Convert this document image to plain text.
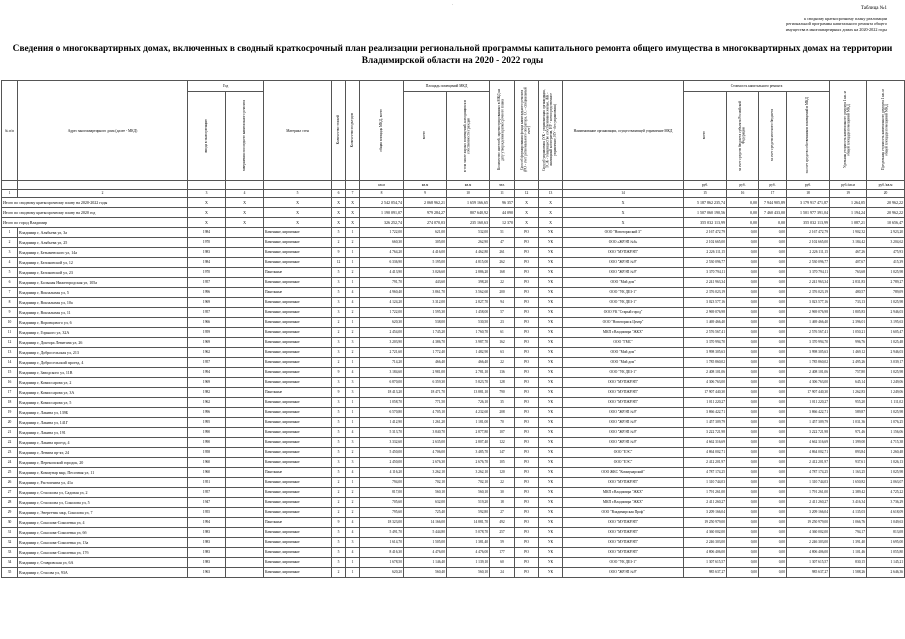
·
Таблица №1
к сводному краткосрочному плану реализации
региональной программы капитального ремонта общего
имущества в многоквартирных домах на 2020-2022 годы
Сведения о многоквартирных домах, включенных в сводный краткосрочный план реализации региональной программы капитального ремонта общего имущества в многоквартирных домах на территории
Владимирской области на 2020 - 2022 годы
№ п/п	Адрес многоквартирного дома (далее - МКД)	Год		Материал стен	Количество этажей	Количество подъездов	общая площадь МКД, всего	Площадь помещений МКД		Количество жителей, зарегистрированных в МКД на дату утверждения краткосрочного плана	Способ формирования фонда капитального ремонта (РО - счет регионального оператора, СС - специальный счет)	Способ управления (УК - управляющая организация, ТСЖ - товарищество собственников жилья, ЖК - жилищный кооператив, НУ - непосредственное управление, НУ - без управления)	Наименование организации, осуществляющей управление МКД	Стоимость капитального ремонта				Удельная стоимость капитального ремонта 1 кв. м общей площади помещений МКД	Предельная стоимость капитального ремонта 1 кв. м общей площади помещений МКД
		ввода в эксплуатацию	завершения последнего капитального ремонта					всего	в том числе жилых помещений, находящихся в собственности граждан					всего	за счет средств бюджета субъекта Российской Федерации	за счет средств местного бюджета	за счет средств собственников помещений в МКД		
							кв.м	кв.м	кв.м	чел.				руб.	руб.	руб.	руб.	руб./кв.м	руб./кв.м
1	2	3	4	5	6	7	8	9	10	11	12	13	14	15	16	17	18	19	20
Итого по сводному краткосрочному плану на 2020-2022 годы		X	X	X	X	X	2 542 054,74	2 068 962,21	1 659 166,65	96 357	X	X	X	5 187 862 235,74	0,00	7 944 905,89	3 179 917 471,87	1 264,05	20 962,22
Итого по сводному краткосрочному плану на 2020 год		X	X	X	X	X	1 190 091,07	979 284,27	807 640,92	44 090	X	X	X	1 507 060 190,56	0,00	7 460 433,00	1 501 977 391,04	1 194,24	20 962,22
Итого по город Владимир		X	X	X	X	X	326 252,74	274 070,03	235 160,63	12 370	X	X	X	355 032 113,99	0,00	0,00	355 032 113,99	1 087,21	10 656,47
1	Владимир г, Алябьева ул, 3а	1984		Каменные, кирпичные	5	1	1 722,00	621,00	532,00	51	РО	УК	ООО "Новоторжский 3"	2 167 472,79	0,00	0,00	2 167 472,79	1 902,32	2 923,20
2	Владимир г, Алябьева ул, 25	1970		Каменные, кирпичные	2	2	660,30	305,00	262,90	47	РО	УК	ООО «ЖРЭП №6»	2 102 665,00	0,00	0,00	2 102 665,00	3 184,42	3 204,62
3	Владимир г, Безыменского ул, 14а	1983		Каменные, кирпичные	9	1	4 764,20	4 416,00	4 462,80	261	РО	УК	ООО "МУПЖРЭП"	2 226 111,15	0,00	0,00	2 226 111,15	467,26	475,93
4	Владимир г, Белоконской ул, 12	1984		Каменные, кирпичные	12	1	6 336,90	5 195,00	4 815,00	262	РО	УК	ООО "ЖРЭП №9"	2 530 096,77	0,00	0,00	2 530 096,77	407,67	415,39
5	Владимир г, Белоконской ул, 23	1970		Панельные	5	2	4 413,90	3 026,60	2 886,20	168	РО	УК	ООО "ЖРЭП №9"	3 370 794,11	0,00	0,00	3 370 794,11	763,68	1 025,98
6	Владимир г, Большая Нижегородская ул, 105а	1957		Каменные, кирпичные	3	1	791,70	443,60	398,20	22	РО	УК	ООО "Мой дом"	2 241 963,34	0,00	0,00	2 241 963,34	2 831,83	2 789,27
7	Владимир г, Вокзальная ул, 5	1996		Панельные	5	4	4 960,40	3 861,70	3 562,60	200	РО	УК	ООО "УК ДЕЗ-1"	2 376 023,19	0,00	0,00	2 376 023,19	480,57	789,09
8	Владимир г, Вокзальная ул, 10а	1969		Каменные, кирпичные	3	4	4 124,20	3 312,00	2 827,70	94	РО	УК	ООО "УК ДЕЗ-1"	3 023 577,16	0,00	0,00	3 023 577,16	733,13	1 025,98
9	Владимир г, Вокзальная ул, 11	1957		Каменные, кирпичные	3	2	1 722,00	1 595,30	1 458,00	57	РО	УК	ООО УК "Старый город"	2 969 076,98	0,00	0,00	2 969 076,98	1 805,83	2 946,03
10	Владимир г, Воронцового ул, 6	1966		Каменные, кирпичные	2	1	620,30	538,00	530,50	23	РО	УК	ООО "Новоторжск Центр"	1 469 466,40	0,00	0,00	1 469 466,40	2 396,01	3 195,63
11	Владимир г, Горького ул, 32А	1959		Каменные, кирпичные	2	2	2 454,00	1 745,20	1 760,70	61	РО	УК	МКП г.Владимира "ЖКХ"	2 576 567,41	0,00	0,00	2 576 567,41	1 050,21	1 605,47
12	Владимир г, Доктора Левитана ул, 26	1969		Каменные, кирпичные	3	3	3 203,90	4 386,70	3 987,70	162	РО	УК	ООО "ГМС"	3 370 994,70	0,00	0,00	3 370 994,70	996,76	1 025,48
13	Владимир г, Добросельская ул, 213	1962		Каменные, кирпичные	3	2	2 721,60	1 772,40	1 482,90	63	РО	УК	ООО "Мой дом"	3 998 305,63	0,00	0,00	3 998 305,63	1 469,12	2 946,03
14	Владимир г, Добросельский проезд, 4	1957		Каменные, кирпичные	2	1	714,20	466,40	466,40	22	РО	УК	ООО "Мой дом"	1 785 860,02	0,00	0,00	1 785 860,02	2 495,26	3 039,17
15	Владимир г, Заводского ул, 11В	1994		Каменные, кирпичные	9	4	3 184,60	2 981,00	2 781,10	136	РО	УК	ООО "УК ДЕЗ-1"	2 408 101,06	0,00	0,00	2 408 101,06	757,80	1 025,98
16	Владимир г, Комиссарова ул, 2	1969		Каменные, кирпичные	3	3	6 870,00	6 359,30	5 823,70	128	РО	УК	ООО "МУПЖРЭП"	4 306 763,00	0,00	0,00	4 306 763,00	645,14	1 249,06
17	Владимир г, Комиссарова ул, 3А	1982		Панельные	9	3	18 413,20	18 471,70	13 881,10	790	РО	УК	ООО "МУПЖРЭП"	17 907 440,30	0,00	0,00	17 907 440,30	1 262,83	1 249,06
18	Владимир г, Комиссарова ул, 5	1962		Каменные, кирпичные	3	1	1 058,70	771,50	726,10	35	РО	УК	ООО "МУПЖРЭП"	1 011 220,27	0,00	0,00	1 011 220,27	955,20	1 111,02
19	Владимир г, Лакина ул, 139Б	1996		Каменные, кирпичные	5	1	6 570,80	4 705,10	4 232,60	208	РО	УК	ООО "ЖРЭП №9"	3 866 422,71	0,00	0,00	3 866 422,71	589,87	1 025,98
20	Владимир г, Лакина ул, 141Г	1995		Каменные, кирпичные	5	1	1 412,90	1 261,20	1 181,00	70	РО	УК	ООО "ЖРЭП №9"	1 457 309,79	0,00	0,00	1 457 309,79	1 031,36	1 076,25
21	Владимир г, Лакина ул, 191	1990		Каменные, кирпичные	5	4	5 313,70	3 840,70	2 877,80	107	РО	УК	ООО "ЖРЭП №9"	3 222 721,98	0,00	0,00	3 222 721,98	971,46	1 156,06
22	Владимир г, Лакина проезд, 4	1990		Каменные, кирпичные	5	3	3 332,60	2 635,00	2 807,40	122	РО	УК	ООО "ЖРЭП №9"	4 662 316,69	0,00	0,00	4 662 316,69	1 399,00	4 715,38
23	Владимир г, Ленина пр-кт, 24	1958		Каменные, кирпичные	5	2	5 450,00	4 706,00	3 485,70	147	РО	УК	ООО "ЕЭС"	4 864 002,71	0,00	0,00	4 864 002,71	893,84	1 260,48
24	Владимир г, Перекопский городок, 20	1960		Каменные, кирпичные	3	3	2 450,00	2 676,30	2 676,70	105	РО	УК	ООО "ЕЭС"	2 412 201,97	0,00	0,00	2 412 201,97	937,61	1 026,13
25	Владимир г, Коммунар мкр, Песочная ул, 11	1960		Панельные	5	4	4 116,20	3 262,10	3 262,10	120	РО	УК	ООО ЖКС "Коммунарский"	4 787 174,25	0,00	0,00	4 787 174,25	1 163,25	1 025,98
26	Владимир г, Растопчина ул, 41а	1951		Каменные, кирпичные	2	1	794,00	702,10	702,10	22	РО	УК	ООО "МУПЖРЭП"	1 310 744,03	0,00	0,00	1 310 744,03	1 650,82	2 063,07
27	Владимир г, Стасисова ул, Садовая ул, 2	1957		Каменные, кирпичные	2	2	817,00	560,10	560,10	30	РО	УК	МКП г.Владимира "ЖКХ"	1 791 261,00	0,00	0,00	1 791 261,00	2 389,42	4 725,22
28	Владимир г, Стасисова ул, Соколова ул, 5	1947		Каменные, кирпичные	2	2	705,60	632,00	519,20	18	РО	УК	МКП г.Владимира "ЖКХ"	2 411 260,27	0,00	0,00	2 411 260,27	3 416,34	3 736,29
29	Владимир г, Энергетик мкр, Соколова ул, 7	1955		Каменные, кирпичные	2	2	795,60	725,40	592,80	27	РО	УК	ООО "Владимирская Проф"	3 209 166,04	0,00	0,00	3 209 166,04	4 135,03	4 618,09
30	Владимир г, Соколова-Соколенка ул, 4	1994		Панельные	9	4	18 323,00	14 166,00	14 881,70	492	РО	УК	ООО "МУПЖРЭП"	19 250 979,00	0,00	0,00	19 250 979,00	1 066,76	1 049,63
31	Владимир г, Соколова-Соколенка ул, 6б	1983		Каменные, кирпичные	5	4	5 491,70	5 444,80	5 078,70	257	РО	УК	ООО "МУПЖРЭП"	4 360 002,00	0,00	0,00	4 360 002,00	794,17	813,08
32	Владимир г, Соколова-Соколенка ул, 13а	1983		Каменные, кирпичные	5	3	1 614,70	1 505,00	1 381,40	59	РО	УК	ООО "МУПЖРЭП"	2 246 303,00	0,00	0,00	2 246 303,00	1 391,40	1 695,00
33	Владимир г, Соколова-Соколенка ул, 17б	1983		Каменные, кирпичные	5	4	8 416,30	4 476,00	4 476,00	177	РО	УК	ООО "МУПЖРЭП"	4 806 406,00	0,00	0,00	4 806 406,00	1 101,46	1 055,80
34	Владимир г, Ставровская ул, 6А	1983		Каменные, кирпичные	5	1	1 678,50	1 146,40	1 139,10	60	РО	УК	ООО "УК ДЕЗ-1"	1 307 615,57	0,00	0,00	1 307 615,57	830,15	1 145,21
35	Владимир г, Стасова ул, 93А	1963		Каменные, кирпичные	2	1	620,20	560,40	560,10	24	РО	УК	ООО "ЖРЭП №9"	985 637,27	0,00	0,00	985 637,27	1 588,26	2 646,36
